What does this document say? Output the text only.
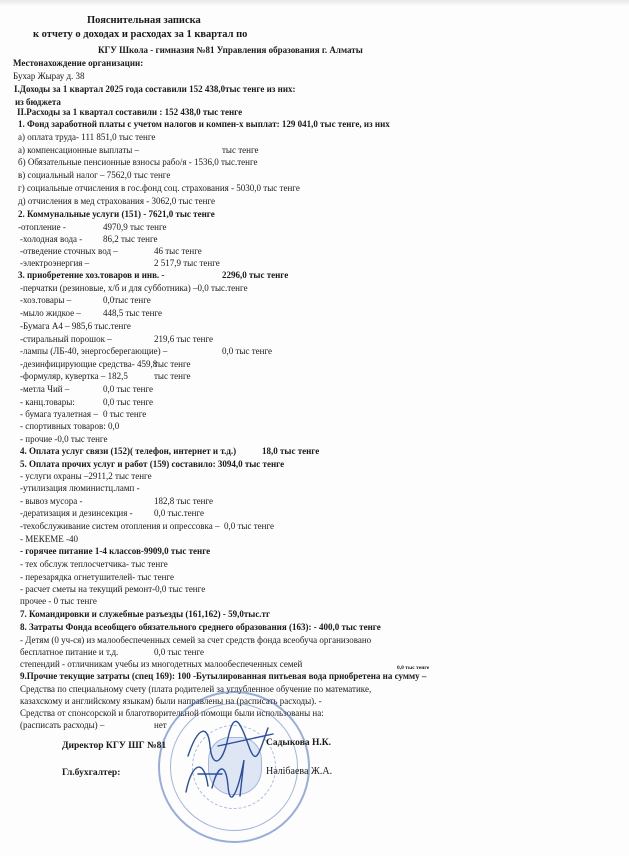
Пояснительная записка
к отчету о доходах и расходах за 1 квартал по
КГУ Школа - гимназия №81 Управления образования г. Алматы
Местонахождение организации:
Бухар Жырау д. 38
I.Доходы за 1 квартал 2025 года составили 152 438,0тыс тенге из них:
из бюджета
II.Расходы за 1 квартал составили : 152 438,0 тыс тенге
1. Фонд заработной платы с учетом налогов и компен-х выплат: 129 041,0 тыс тенге, из них
а) оплата труда- 111 851,0 тыс тенге
а) компенсационные выплаты –	тыс тенге
б) Обязательные пенсионные взносы рабо/я - 1536,0 тыс.тенге
в) социальный налог – 7562,0 тыс тенге
г) социальные отчисления в гос.фонд соц. страхования - 5030,0 тыс тенге
д) отчисления в мед страхования - 3062,0 тыс тенге
2. Коммунальные услуги (151) - 7621,0 тыс тенге
-отопление -	4970,9 тыс тенге
-холодная вода - 86,2 тыс тенге
-отведение сточных вод –	46 тыс тенге
-электроэнергия –	2 517,9 тыс тенге
3. приобретение хоз.товаров и инв. -	2296,0 тыс тенге
-перчатки (резиновые, х/б и для субботника) –0,0 тыс.тенге
-хоз.товары –	0,0тыс тенге
-мыло жидкое – 448,5 тыс тенге
-Бумага А4 – 985,6 тыс.тенге
-стиральный порошок –	219,6 тыс тенге
-лампы (ЛБ-40, энергосберегающие) –	0,0 тыс тенге
-дезинфицирующие средства- 459,8
тыс тенге
-формуляр, кувертка – 182,5	тыс тенге
-метла Чий –	0,0 тыс тенге
- канц.товары:	0,0 тыс тенге
- бумага туалетная – 0 тыс тенге
- спортивных товаров: 0,0
- прочие -0,0 тыс тенге
4. Оплата услуг связи (152)( телефон, интернет и т.д.)	18,0 тыс тенге
5. Оплата прочих услуг и работ (159) составило: 3094,0 тыс тенге
- услуги охраны –2911,2 тыс тенге
-утилизация люминистц.ламп -
- вывоз мусора -	182,8 тыс тенге
-дератизация и дезинсекция - 0,0 тыс.тенге
-техобслуживание систем отопления и опрессовка – 0,0 тыс тенге
- МЕКЕМЕ -40
- горячее питание 1-4 классов-9909,0 тыс тенге
- тех обслуж теплосчетчика- тыс тенге
- перезарядка огнетушителей- тыс тенге
- расчет сметы на текущий ремонт-0,0 тыс тенге
прочее - 0 тыс тенге
7. Командировки и служебные разъезды (161,162) - 59,0тыс.тг
8. Затраты Фонда всеобщего обязательного среднего образования (163): - 400,0 тыс тенге
- Детям (0 уч-ся) из малообеспеченных семей за счет средств фонда всеобуча организовано
бесплатное питание и т.д.	0,0 тыс тенге
степендий - отличникам учебы из многодетных малообеспеченных семей
9.Прочие текущие затраты (спец 169): 100 -Бутылированная питьевая вода приобретена на сумму –
0,0 тыс тенге
Средства по специальному счету (плата родителей за углубленное обучение по математике,
казахскому и английскому языкам) были направлены на (расписать расходы). -
Средства от спонсорской и благотворительной помощи были использованы на:
(расписать расходы) –	нет
Директор КГУ ШГ №81	Садыкова Н.К.
Гл.бухгалтер:	Нәлібаева Ж.А.
